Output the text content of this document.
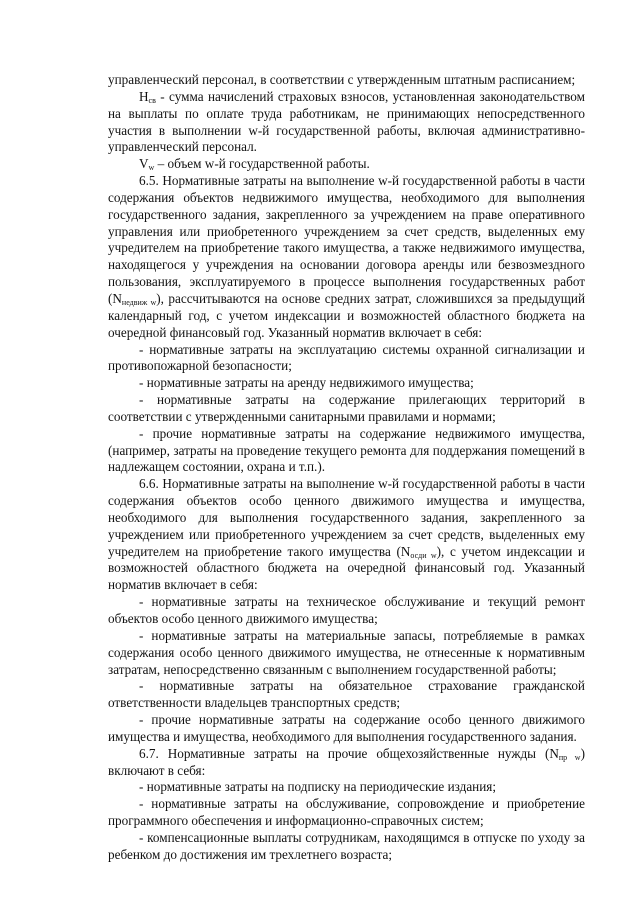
управленческий персонал, в соответствии с утвержденным штатным расписанием;

$Н_{св}$ - сумма начислений страховых взносов, установленная законодательством на выплаты по оплате труда работникам, не принимающих непосредственного участия в выполнении w-й государственной работы, включая административно-управленческий персонал.

$V_w$ – объем w-й государственной работы.

6.5. Нормативные затраты на выполнение w-й государственной работы в части содержания объектов недвижимого имущества, необходимого для выполнения государственного задания, закрепленного за учреждением на праве оперативного управления или приобретенного учреждением за счет средств, выделенных ему учредителем на приобретение такого имущества, а также недвижимого имущества, находящегося у учреждения на основании договора аренды или безвозмездного пользования, эксплуатируемого в процессе выполнения государственных работ $(N_{недвиж w})$, рассчитываются на основе средних затрат, сложившихся за предыдущий календарный год, с учетом индексации и возможностей областного бюджета на очередной финансовый год. Указанный норматив включает в себя:

- нормативные затраты на эксплуатацию системы охранной сигнализации и противопожарной безопасности;

- нормативные затраты на аренду недвижимого имущества;

- нормативные затраты на содержание прилегающих территорий в соответствии с утвержденными санитарными правилами и нормами;

- прочие нормативные затраты на содержание недвижимого имущества, (например, затраты на проведение текущего ремонта для поддержания помещений в надлежащем состоянии, охрана и т.п.).

6.6. Нормативные затраты на выполнение w-й государственной работы в части содержания объектов особо ценного движимого имущества и имущества, необходимого для выполнения государственного задания, закрепленного за учреждением или приобретенного учреждением за счет средств, выделенных ему учредителем на приобретение такого имущества $(N_{осди w})$, с учетом индексации и возможностей областного бюджета на очередной финансовый год. Указанный норматив включает в себя:

- нормативные затраты на техническое обслуживание и текущий ремонт объектов особо ценного движимого имущества;

- нормативные затраты на материальные запасы, потребляемые в рамках содержания особо ценного движимого имущества, не отнесенные к нормативным затратам, непосредственно связанным с выполнением государственной работы;

- нормативные затраты на обязательное страхование гражданской ответственности владельцев транспортных средств;

- прочие нормативные затраты на содержание особо ценного движимого имущества и имущества, необходимого для выполнения государственного задания.

6.7. Нормативные затраты на прочие общехозяйственные нужды $(N_{пр w})$ включают в себя:

- нормативные затраты на подписку на периодические издания;

- нормативные затраты на обслуживание, сопровождение и приобретение программного обеспечения и информационно-справочных систем;

- компенсационные выплаты сотрудникам, находящимся в отпуске по уходу за ребенком до достижения им трехлетнего возраста;
